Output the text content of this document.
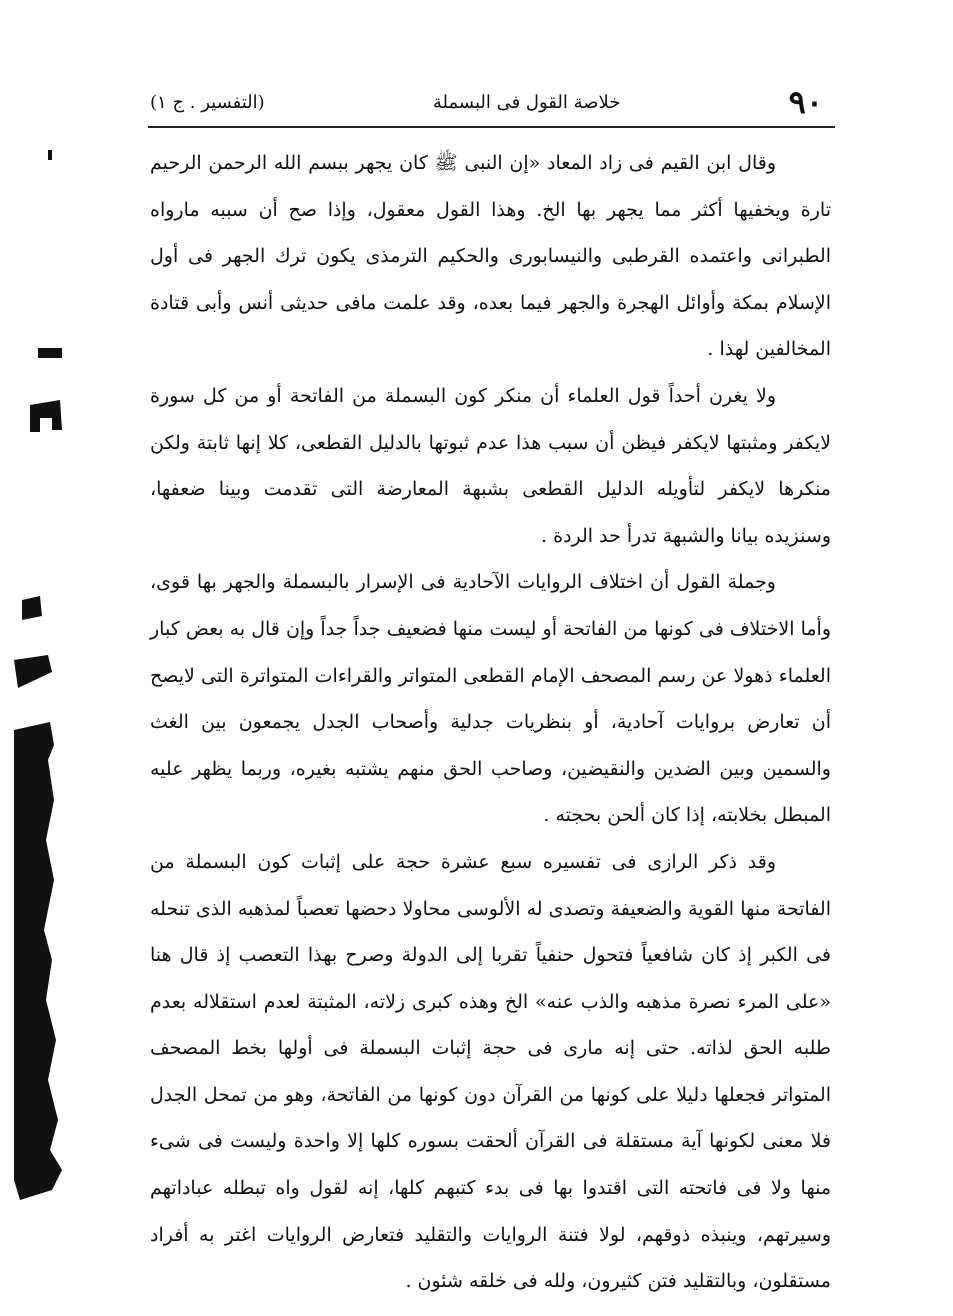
٩٠
خلاصة القول فى البسملة
(التفسير . ج ١)

وقال ابن القيم فى زاد المعاد «إن النبى ﷺ كان يجهر ببسم الله الرحمن الرحيم تارة ويخفيها أكثر مما يجهر بها الخ. وهذا القول معقول، وإذا صح أن سببه مارواه الطبرانى واعتمده القرطبى والنيسابورى والحكيم الترمذى يكون ترك الجهر فى أول الإسلام بمكة وأوائل الهجرة والجهر فيما بعده، وقد علمت مافى حديثى أنس وأبى قتادة المخالفين لهذا .

ولا يغرن أحداً قول العلماء أن منكر كون البسملة من الفاتحة أو من كل سورة لايكفر ومثبتها لايكفر فيظن أن سبب هذا عدم ثبوتها بالدليل القطعى، كلا إنها ثابتة ولكن منكرها لايكفر لتأويله الدليل القطعى بشبهة المعارضة التى تقدمت وبينا ضعفها، وسنزيده بيانا والشبهة تدرأ حد الردة .

وجملة القول أن اختلاف الروايات الآحادية فى الإسرار بالبسملة والجهر بها قوى، وأما الاختلاف فى كونها من الفاتحة أو ليست منها فضعيف جداً جداً وإن قال به بعض كبار العلماء ذهولا عن رسم المصحف الإمام القطعى المتواتر والقراءات المتواترة التى لايصح أن تعارض بروايات آحادية، أو بنظريات جدلية وأصحاب الجدل يجمعون بين الغث والسمين وبين الضدين والنقيضين، وصاحب الحق منهم يشتبه بغيره، وربما يظهر عليه المبطل بخلابته، إذا كان ألحن بحجته .

وقد ذكر الرازى فى تفسيره سبع عشرة حجة على إثبات كون البسملة من الفاتحة منها القوية والضعيفة وتصدى له الألوسى محاولا دحضها تعصباً لمذهبه الذى تنحله فى الكبر إذ كان شافعياً فتحول حنفياً تقربا إلى الدولة وصرح بهذا التعصب إذ قال هنا «على المرء نصرة مذهبه والذب عنه» الخ وهذه كبرى زلاته، المثبتة لعدم استقلاله بعدم طلبه الحق لذاته. حتى إنه مارى فى حجة إثبات البسملة فى أولها بخط المصحف المتواتر فجعلها دليلا على كونها من القرآن دون كونها من الفاتحة، وهو من تمحل الجدل فلا معنى لكونها آية مستقلة فى القرآن ألحقت بسوره كلها إلا واحدة وليست فى شىء منها ولا فى فاتحته التى اقتدوا بها فى بدء كتبهم كلها، إنه لقول واه تبطله عباداتهم وسيرتهم، وينبذه ذوقهم، لولا فتنة الروايات والتقليد فتعارض الروايات اغتر به أفراد مستقلون، وبالتقليد فتن كثيرون، ولله فى خلقه شئون .
